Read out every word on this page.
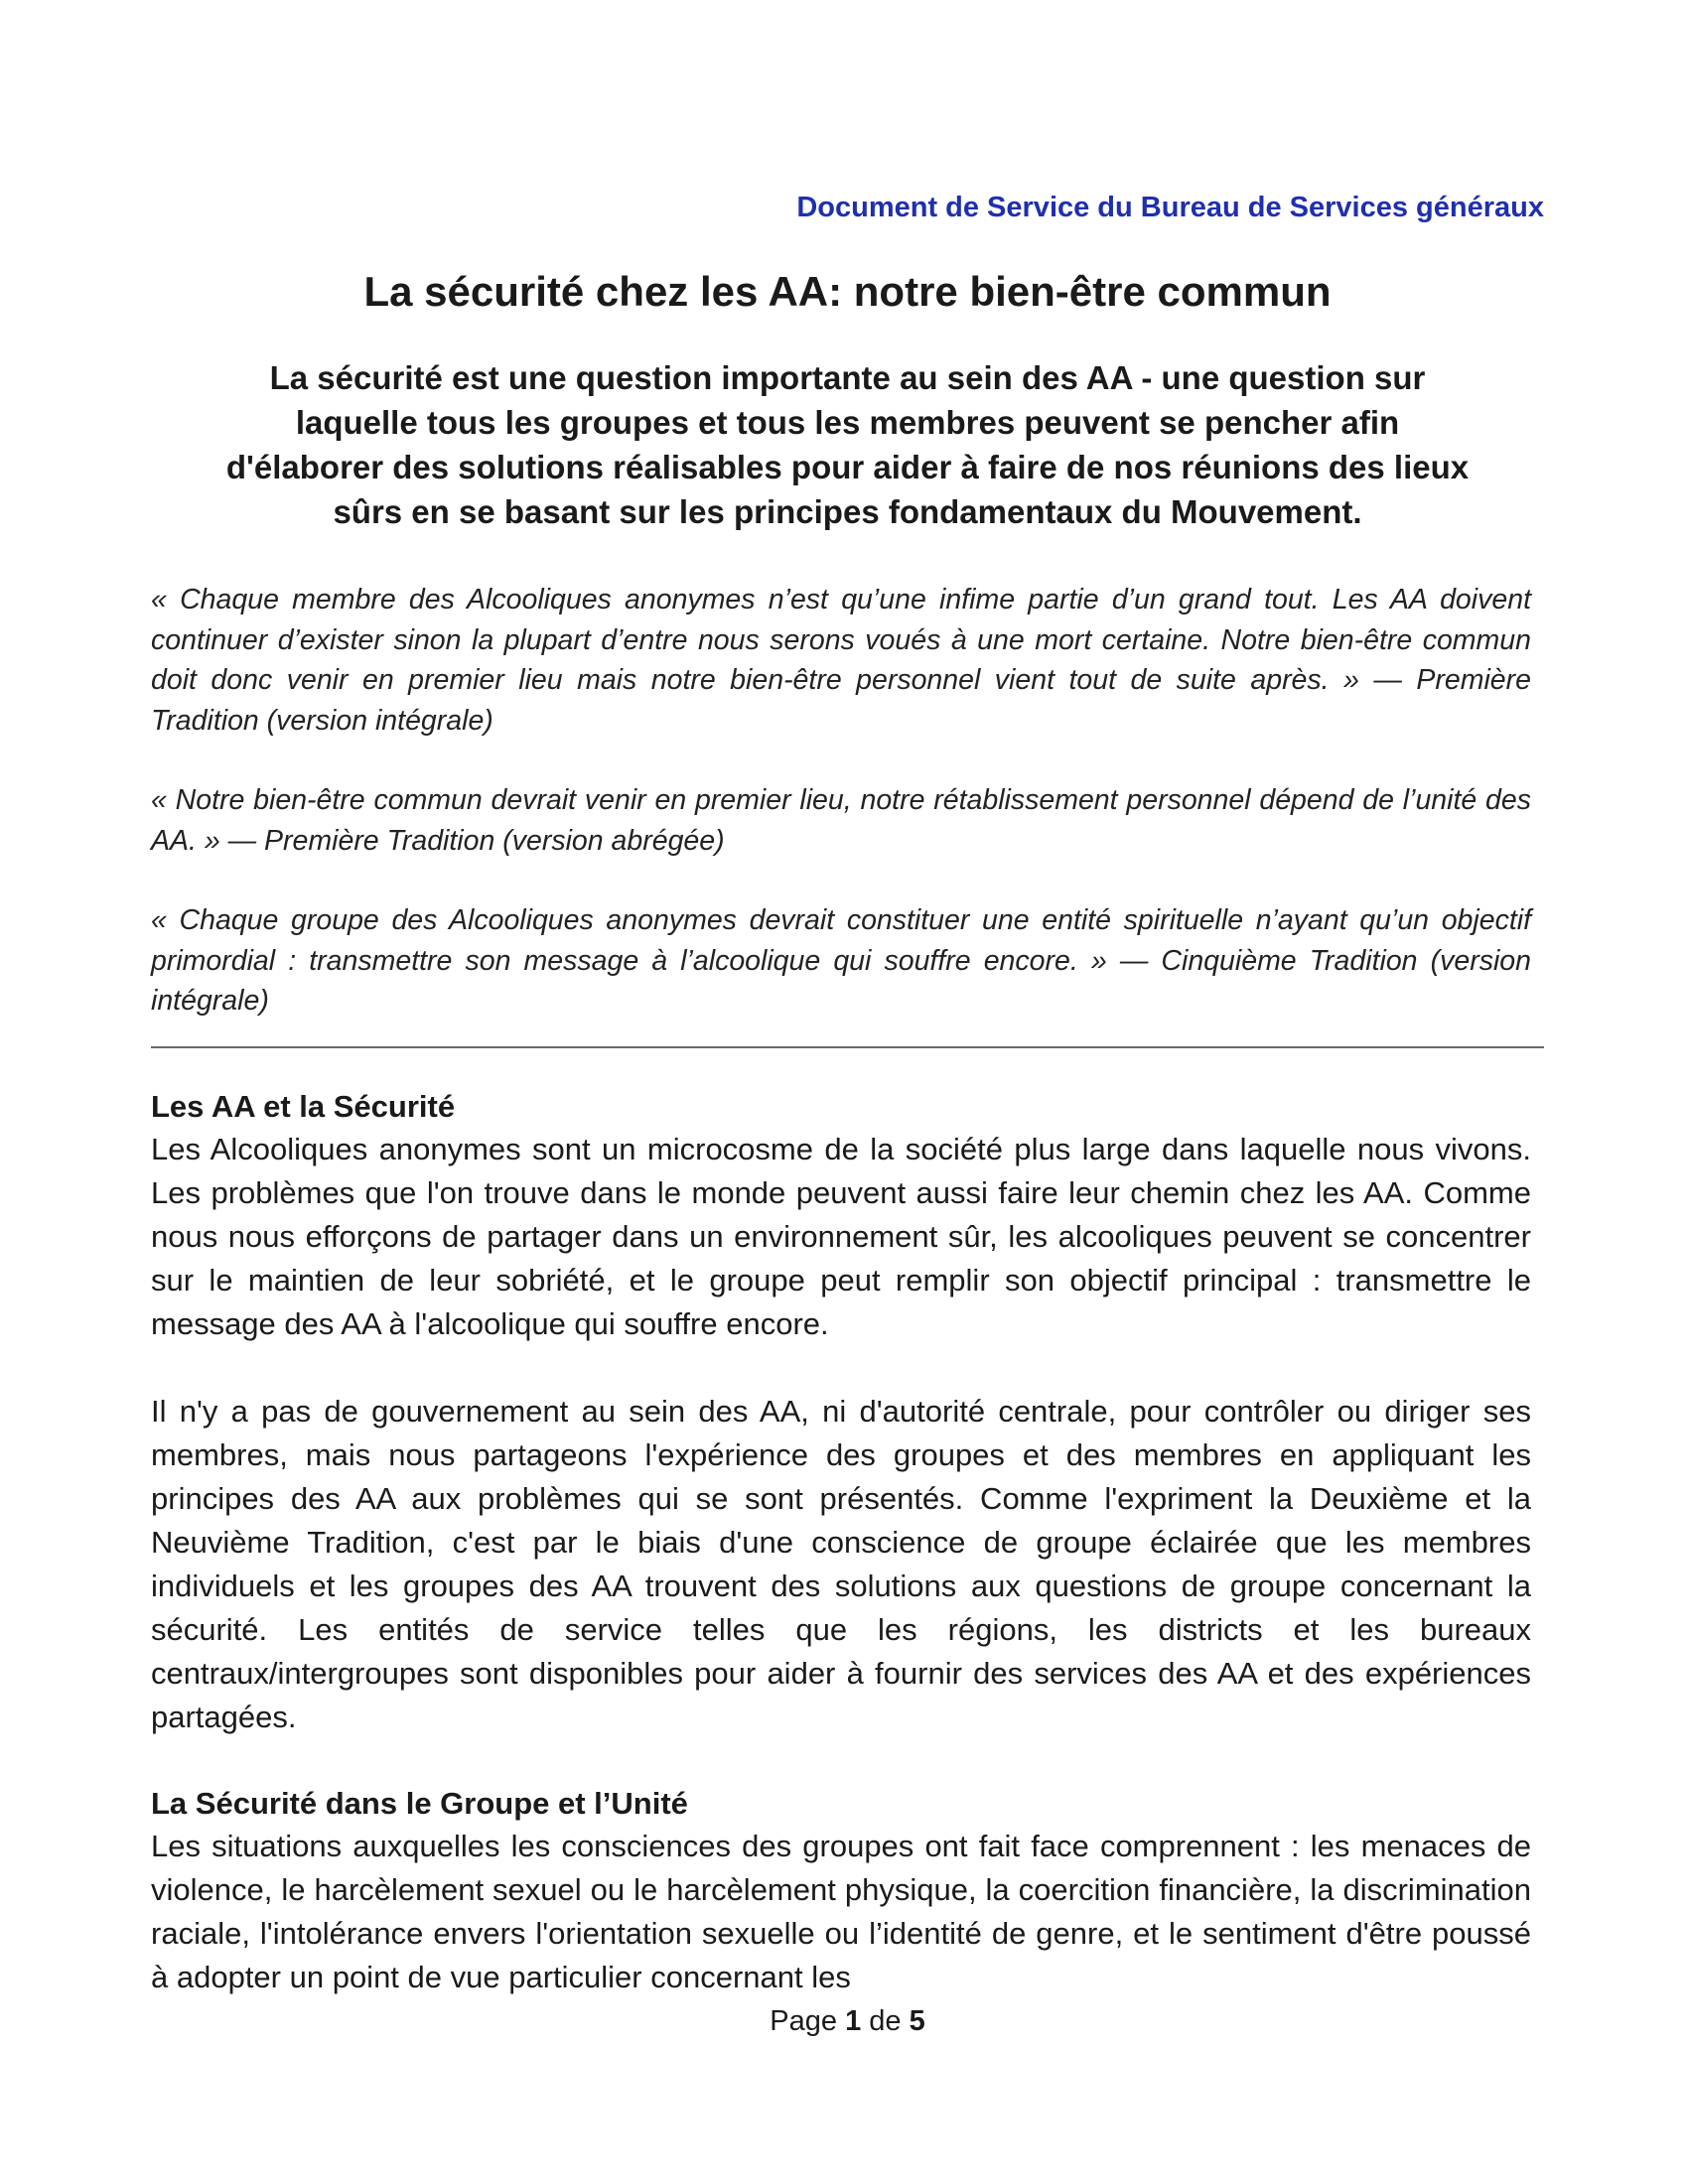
Document de Service du Bureau de Services généraux
La sécurité chez les AA: notre bien-être commun

La sécurité est une question importante au sein des AA - une question sur laquelle tous les groupes et tous les membres peuvent se pencher afin d'élaborer des solutions réalisables pour aider à faire de nos réunions des lieux sûrs en se basant sur les principes fondamentaux du Mouvement.

« Chaque membre des Alcooliques anonymes n’est qu’une infime partie d’un grand tout. Les AA doivent continuer d’exister sinon la plupart d’entre nous serons voués à une mort certaine. Notre bien-être commun doit donc venir en premier lieu mais notre bien-être personnel vient tout de suite après. » — Première Tradition (version intégrale)

« Notre bien-être commun devrait venir en premier lieu, notre rétablissement personnel dépend de l’unité des AA. » — Première Tradition (version abrégée)

« Chaque groupe des Alcooliques anonymes devrait constituer une entité spirituelle n’ayant qu’un objectif primordial : transmettre son message à l’alcoolique qui souffre encore. » — Cinquième Tradition (version intégrale)

Les AA et la Sécurité

Les Alcooliques anonymes sont un microcosme de la société plus large dans laquelle nous vivons. Les problèmes que l'on trouve dans le monde peuvent aussi faire leur chemin chez les AA. Comme nous nous efforçons de partager dans un environnement sûr, les alcooliques peuvent se concentrer sur le maintien de leur sobriété, et le groupe peut remplir son objectif principal : transmettre le message des AA à l'alcoolique qui souffre encore.

Il n'y a pas de gouvernement au sein des AA, ni d'autorité centrale, pour contrôler ou diriger ses membres, mais nous partageons l'expérience des groupes et des membres en appliquant les principes des AA aux problèmes qui se sont présentés. Comme l'expriment la Deuxième et la Neuvième Tradition, c'est par le biais d'une conscience de groupe éclairée que les membres individuels et les groupes des AA trouvent des solutions aux questions de groupe concernant la sécurité. Les entités de service telles que les régions, les districts et les bureaux centraux/intergroupes sont disponibles pour aider à fournir des services des AA et des expériences partagées.

La Sécurité dans le Groupe et l’Unité

Les situations auxquelles les consciences des groupes ont fait face comprennent : les menaces de violence, le harcèlement sexuel ou le harcèlement physique, la coercition financière, la discrimination raciale, l'intolérance envers l'orientation sexuelle ou l’identité de genre, et le sentiment d'être poussé à adopter un point de vue particulier concernant les

Page 1 de 5
